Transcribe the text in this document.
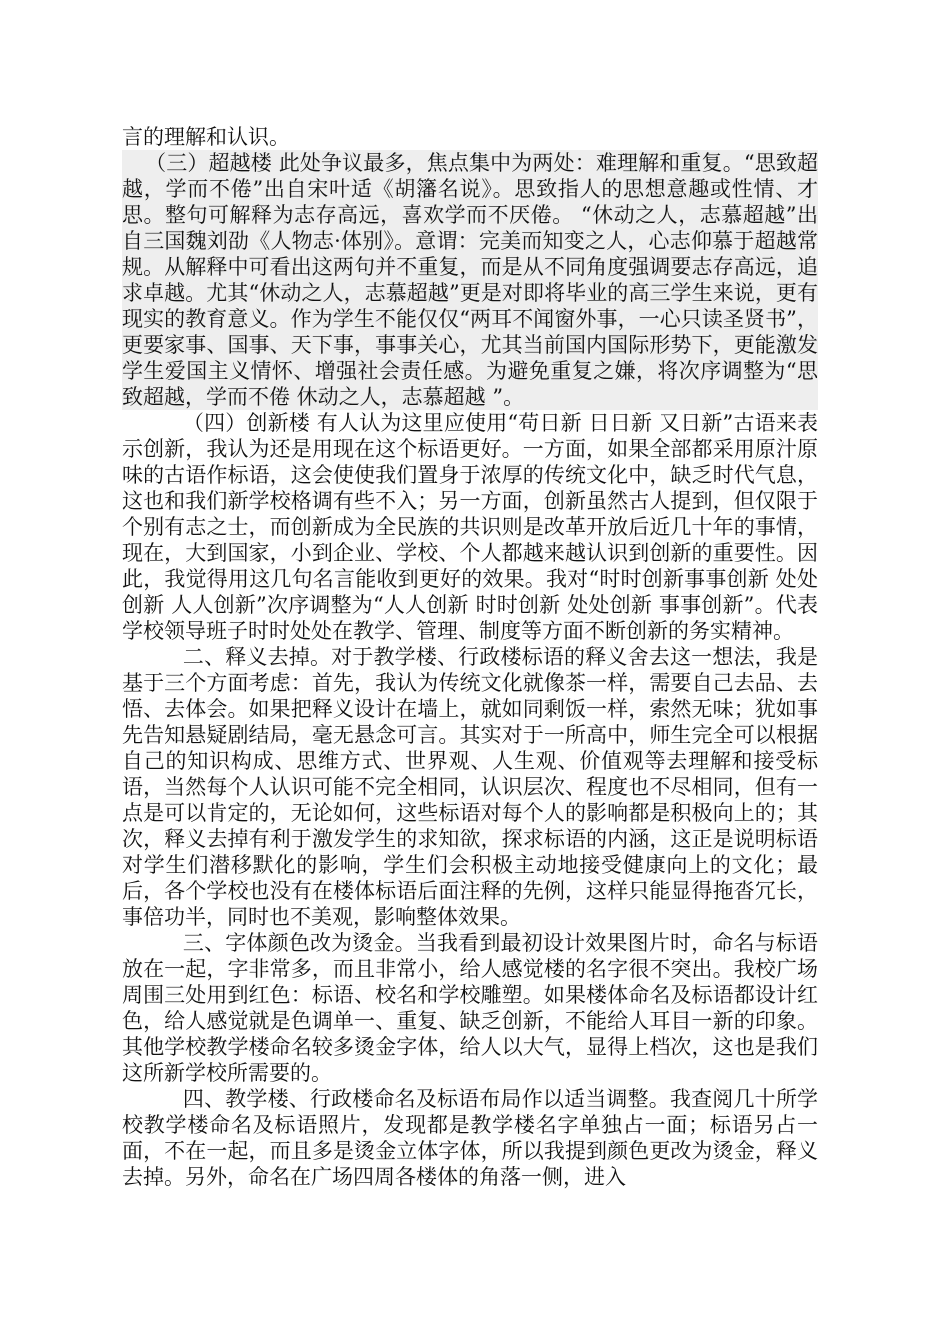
言的理解和认识。

（三）超越楼 此处争议最多，焦点集中为两处：难理解和重复。“思致超越，学而不倦”出自宋叶适《胡籓名说》。思致指人的思想意趣或性情、才思。整句可解释为志存高远，喜欢学而不厌倦。 “休动之人，志慕超越”出自三国魏刘劭《人物志·体别》。意谓：完美而知变之人，心志仰慕于超越常规。从解释中可看出这两句并不重复，而是从不同角度强调要志存高远，追求卓越。尤其“休动之人，志慕超越”更是对即将毕业的高三学生来说，更有现实的教育意义。作为学生不能仅仅“两耳不闻窗外事，一心只读圣贤书”，更要家事、国事、天下事，事事关心，尤其当前国内国际形势下，更能激发学生爱国主义情怀、增强社会责任感。为避免重复之嫌，将次序调整为“思致超越，学而不倦 休动之人，志慕超越 ”。

（四）创新楼 有人认为这里应使用“苟日新 日日新 又日新”古语来表示创新，我认为还是用现在这个标语更好。一方面，如果全部都采用原汁原味的古语作标语，这会使使我们置身于浓厚的传统文化中，缺乏时代气息，这也和我们新学校格调有些不入；另一方面，创新虽然古人提到，但仅限于个别有志之士，而创新成为全民族的共识则是改革开放后近几十年的事情，现在，大到国家，小到企业、学校、个人都越来越认识到创新的重要性。因此，我觉得用这几句名言能收到更好的效果。我对“时时创新事事创新 处处创新 人人创新”次序调整为“人人创新 时时创新 处处创新 事事创新”。代表学校领导班子时时处处在教学、管理、制度等方面不断创新的务实精神。

二、释义去掉。对于教学楼、行政楼标语的释义舍去这一想法，我是基于三个方面考虑：首先，我认为传统文化就像茶一样，需要自己去品、去悟、去体会。如果把释义设计在墙上，就如同剩饭一样，索然无味；犹如事先告知悬疑剧结局，毫无悬念可言。其实对于一所高中，师生完全可以根据自己的知识构成、思维方式、世界观、人生观、价值观等去理解和接受标语，当然每个人认识可能不完全相同，认识层次、程度也不尽相同，但有一点是可以肯定的，无论如何，这些标语对每个人的影响都是积极向上的；其次，释义去掉有利于激发学生的求知欲，探求标语的内涵，这正是说明标语对学生们潜移默化的影响，学生们会积极主动地接受健康向上的文化；最后，各个学校也没有在楼体标语后面注释的先例，这样只能显得拖沓冗长，事倍功半，同时也不美观，影响整体效果。

三、字体颜色改为烫金。当我看到最初设计效果图片时，命名与标语放在一起，字非常多，而且非常小，给人感觉楼的名字很不突出。我校广场周围三处用到红色：标语、校名和学校雕塑。如果楼体命名及标语都设计红色，给人感觉就是色调单一、重复、缺乏创新，不能给人耳目一新的印象。其他学校教学楼命名较多烫金字体，给人以大气，显得上档次，这也是我们这所新学校所需要的。

四、教学楼、行政楼命名及标语布局作以适当调整。我查阅几十所学校教学楼命名及标语照片，发现都是教学楼名字单独占一面；标语另占一面，不在一起，而且多是烫金立体字体，所以我提到颜色更改为烫金，释义去掉。另外，命名在广场四周各楼体的角落一侧，进入
